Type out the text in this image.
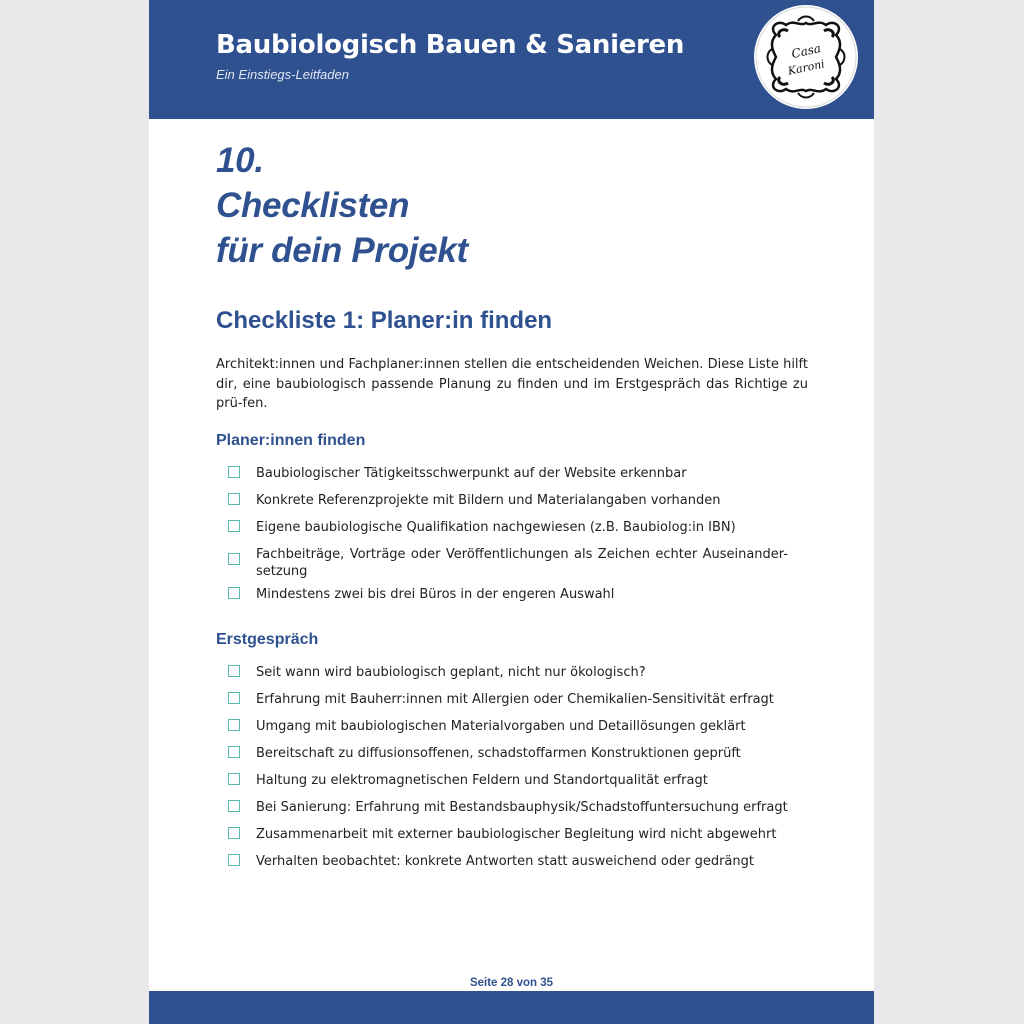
Baubiologisch Bauen & Sanieren
Ein Einstiegs-Leitfaden
Casa
Karoni
10.
Checklisten
für dein Projekt
Checkliste 1: Planer:in finden
Architekt:innen und Fachplaner:innen stellen die entscheidenden Weichen. Diese Liste hilft dir, eine baubiologisch passende Planung zu finden und im Erstgespräch das Richtige zu prü-fen.
Planer:innen finden
Baubiologischer Tätigkeitsschwerpunkt auf der Website erkennbar
Konkrete Referenzprojekte mit Bildern und Materialangaben vorhanden
Eigene baubiologische Qualifikation nachgewiesen (z.B. Baubiolog:in IBN)
Fachbeiträge, Vorträge oder Veröffentlichungen als Zeichen echter Auseinander-setzung
Mindestens zwei bis drei Büros in der engeren Auswahl
Erstgespräch
Seit wann wird baubiologisch geplant, nicht nur ökologisch?
Erfahrung mit Bauherr:innen mit Allergien oder Chemikalien-Sensitivität erfragt
Umgang mit baubiologischen Materialvorgaben und Detaillösungen geklärt
Bereitschaft zu diffusionsoffenen, schadstoffarmen Konstruktionen geprüft
Haltung zu elektromagnetischen Feldern und Standortqualität erfragt
Bei Sanierung: Erfahrung mit Bestandsbauphysik/Schadstoffuntersuchung erfragt
Zusammenarbeit mit externer baubiologischer Begleitung wird nicht abgewehrt
Verhalten beobachtet: konkrete Antworten statt ausweichend oder gedrängt
Seite 28 von 35
